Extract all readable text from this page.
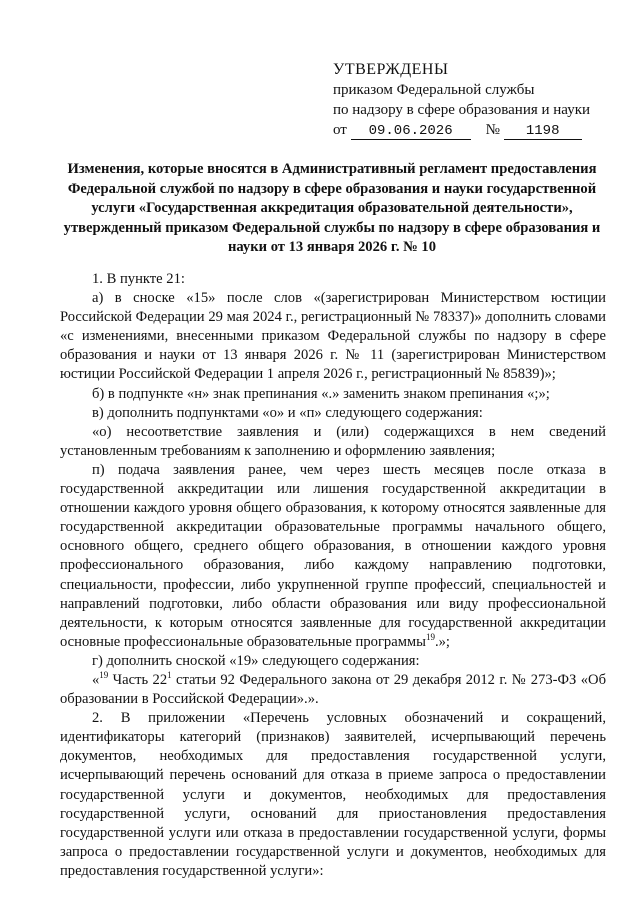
УТВЕРЖДЕНЫ
приказом Федеральной службы
по надзору в сфере образования и науки
от 09.06.2026 № 1198
Изменения, которые вносятся в Административный регламент предоставления Федеральной службой по надзору в сфере образования и науки государственной услуги «Государственная аккредитация образовательной деятельности», утвержденный приказом Федеральной службы по надзору в сфере образования и науки от 13 января 2026 г. № 10

1. В пункте 21:

а) в сноске «15» после слов «(зарегистрирован Министерством юстиции Российской Федерации 29 мая 2024 г., регистрационный № 78337)» дополнить словами «с изменениями, внесенными приказом Федеральной службы по надзору в сфере образования и науки от 13 января 2026 г. № 11 (зарегистрирован Министерством юстиции Российской Федерации 1 апреля 2026 г., регистрационный № 85839)»;

б) в подпункте «н» знак препинания «.» заменить знаком препинания «;»;

в) дополнить подпунктами «о» и «п» следующего содержания:

«о) несоответствие заявления и (или) содержащихся в нем сведений установленным требованиям к заполнению и оформлению заявления;

п) подача заявления ранее, чем через шесть месяцев после отказа в государственной аккредитации или лишения государственной аккредитации в отношении каждого уровня общего образования, к которому относятся заявленные для государственной аккредитации образовательные программы начального общего, основного общего, среднего общего образования, в отношении каждого уровня профессионального образования, либо каждому направлению подготовки, специальности, профессии, либо укрупненной группе профессий, специальностей и направлений подготовки, либо области образования или виду профессиональной деятельности, к которым относятся заявленные для государственной аккредитации основные профессиональные образовательные программы$^{19}$.»;

г) дополнить сноской «19» следующего содержания:

«$^{19}$ Часть $22^1$ статьи 92 Федерального закона от 29 декабря 2012 г. № 273-ФЗ «Об образовании в Российской Федерации».».

2. В приложении «Перечень условных обозначений и сокращений, идентификаторы категорий (признаков) заявителей, исчерпывающий перечень документов, необходимых для предоставления государственной услуги, исчерпывающий перечень оснований для отказа в приеме запроса о предоставлении государственной услуги и документов, необходимых для предоставления государственной услуги, оснований для приостановления предоставления государственной услуги или отказа в предоставлении государственной услуги, формы запроса о предоставлении государственной услуги и документов, необходимых для предоставления государственной услуги»:
